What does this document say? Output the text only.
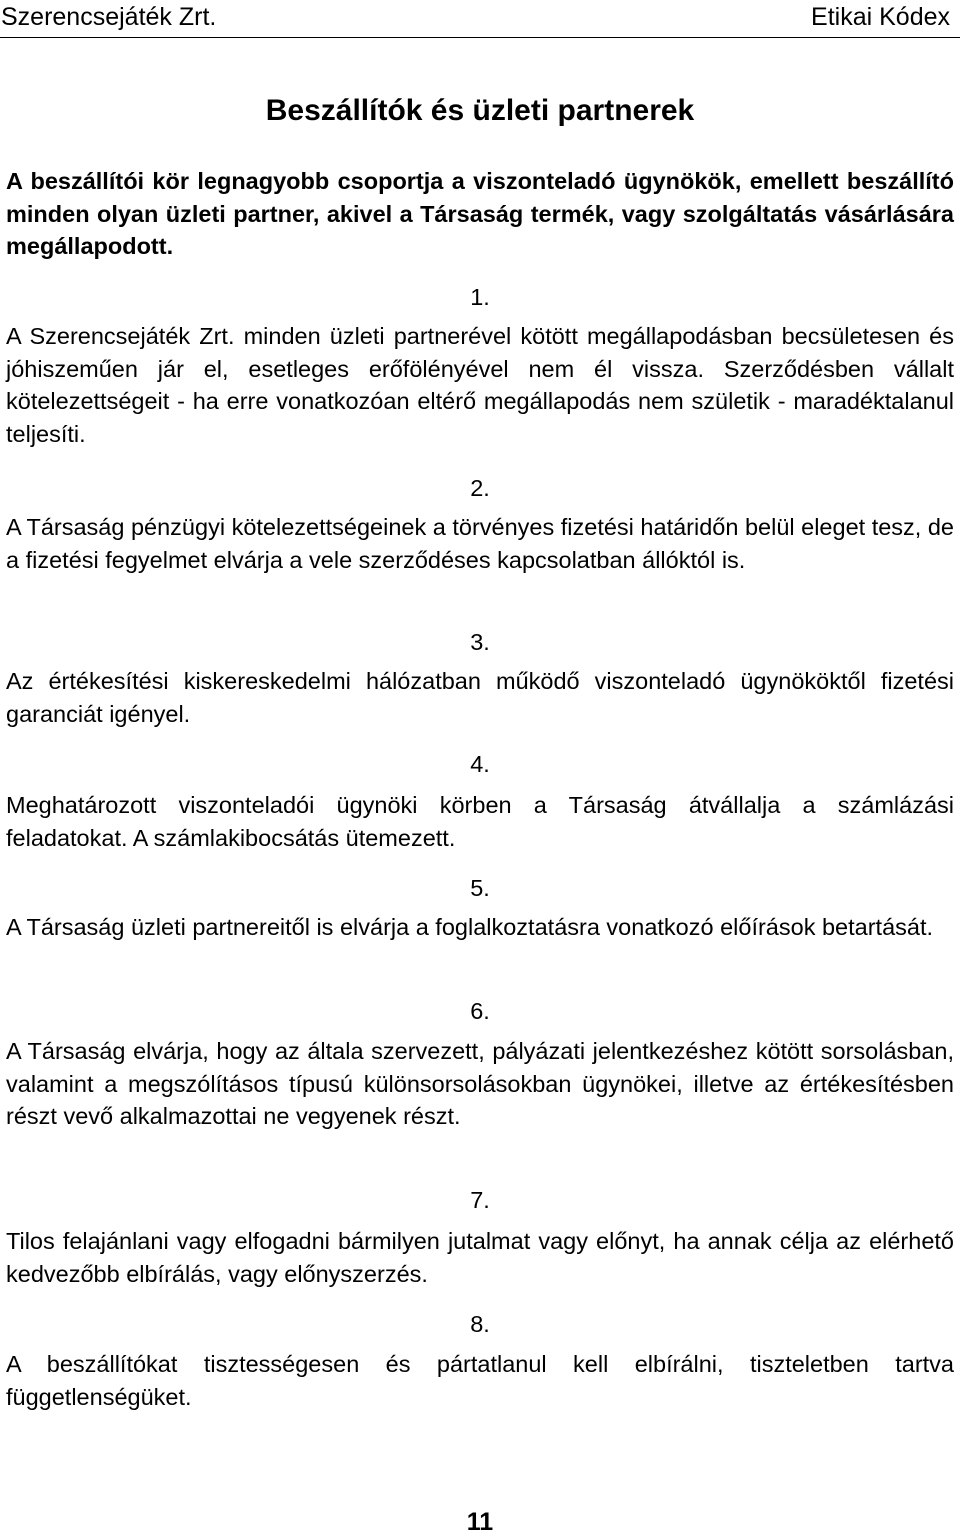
Szerencsejáték Zrt.	Etikai Kódex
Beszállítók és üzleti partnerek

A beszállítói kör legnagyobb csoportja a viszonteladó ügynökök, emellett beszállító minden olyan üzleti partner, akivel a Társaság termék, vagy szolgáltatás vásárlására megállapodott.

1.

A Szerencsejáték Zrt. minden üzleti partnerével kötött megállapodásban becsületesen és jóhiszeműen jár el, esetleges erőfölényével nem él vissza. Szerződésben vállalt kötelezettségeit - ha erre vonatkozóan eltérő megállapodás nem születik - maradéktalanul teljesíti.

2.

A Társaság pénzügyi kötelezettségeinek a törvényes fizetési határidőn belül eleget tesz, de a fizetési fegyelmet elvárja a vele szerződéses kapcsolatban állóktól is.

3.

Az értékesítési kiskereskedelmi hálózatban működő viszonteladó ügynököktől fizetési garanciát igényel.

4.

Meghatározott viszonteladói ügynöki körben a Társaság átvállalja a számlázási feladatokat. A számlakibocsátás ütemezett.

5.

A Társaság üzleti partnereitől is elvárja a foglalkoztatásra vonatkozó előírások betartását.

6.

A Társaság elvárja, hogy az általa szervezett, pályázati jelentkezéshez kötött sorsolásban, valamint a megszólításos típusú különsorsolásokban ügynökei, illetve az értékesítésben részt vevő alkalmazottai ne vegyenek részt.

7.

Tilos felajánlani vagy elfogadni bármilyen jutalmat vagy előnyt, ha annak célja az elérhető kedvezőbb elbírálás, vagy előnyszerzés.

8.

A beszállítókat tisztességesen és pártatlanul kell elbírálni, tiszteletben tartva függetlenségüket.

11
